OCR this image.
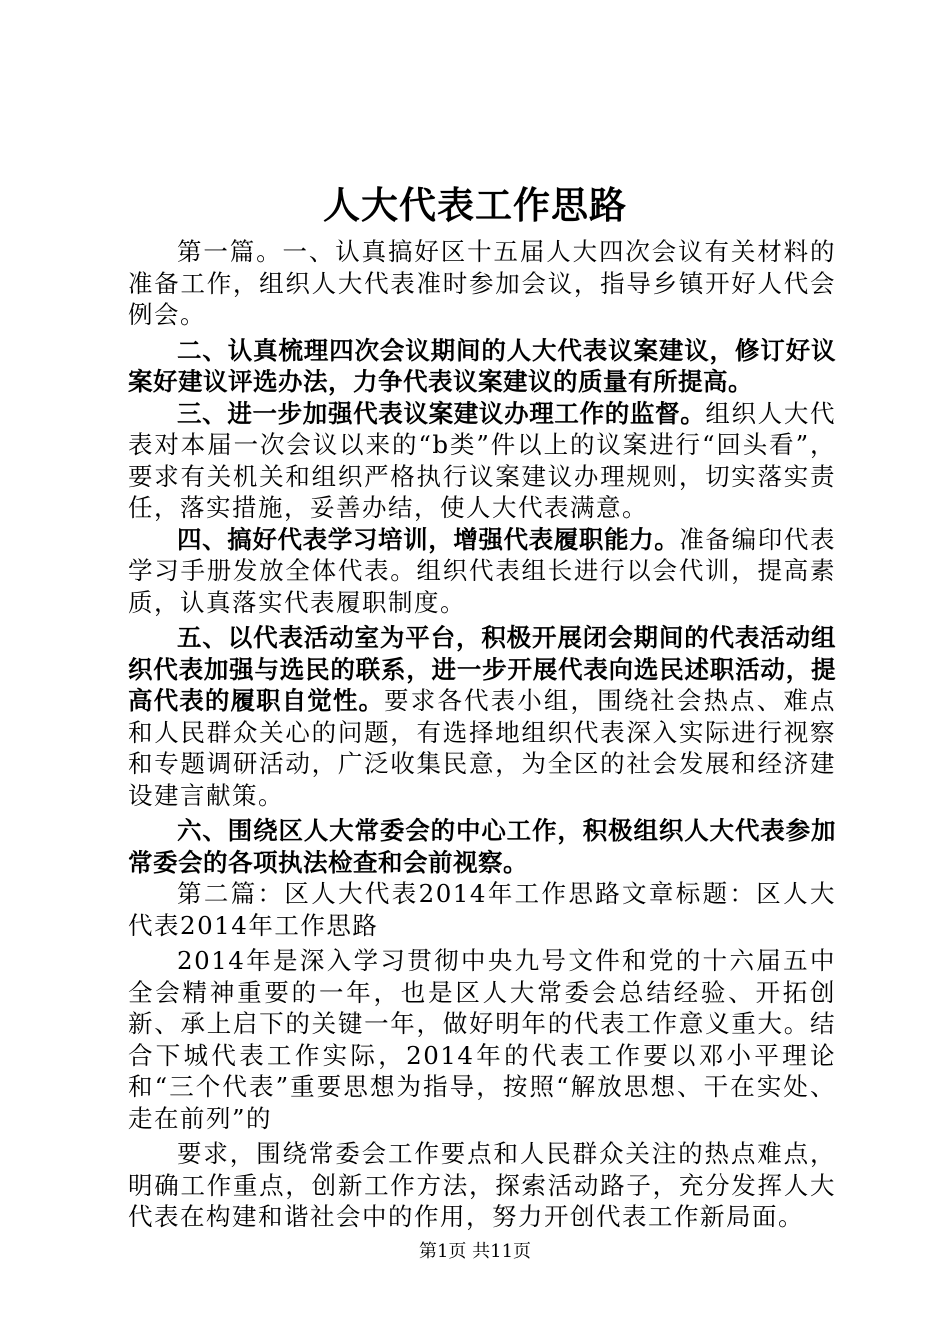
人大代表工作思路

第一篇。一、认真搞好区十五届人大四次会议有关材料的准备工作，组织人大代表准时参加会议，指导乡镇开好人代会例会。

二、认真梳理四次会议期间的人大代表议案建议，修订好议案好建议评选办法，力争代表议案建议的质量有所提高。

三、进一步加强代表议案建议办理工作的监督。组织人大代表对本届一次会议以来的“b类”件以上的议案进行“回头看”，要求有关机关和组织严格执行议案建议办理规则，切实落实责任，落实措施，妥善办结，使人大代表满意。

四、搞好代表学习培训，增强代表履职能力。准备编印代表学习手册发放全体代表。组织代表组长进行以会代训，提高素质，认真落实代表履职制度。

五、以代表活动室为平台，积极开展闭会期间的代表活动组织代表加强与选民的联系，进一步开展代表向选民述职活动，提高代表的履职自觉性。要求各代表小组，围绕社会热点、难点和人民群众关心的问题，有选择地组织代表深入实际进行视察和专题调研活动，广泛收集民意，为全区的社会发展和经济建设建言献策。

六、围绕区人大常委会的中心工作，积极组织人大代表参加常委会的各项执法检查和会前视察。

第二篇：区人大代表2014年工作思路文章标题：区人大代表2014年工作思路

2014年是深入学习贯彻中央九号文件和党的十六届五中全会精神重要的一年，也是区人大常委会总结经验、开拓创新、承上启下的关键一年，做好明年的代表工作意义重大。结合下城代表工作实际，2014年的代表工作要以邓小平理论和“三个代表”重要思想为指导，按照“解放思想、干在实处、走在前列”的

要求，围绕常委会工作要点和人民群众关注的热点难点，明确工作重点，创新工作方法，探索活动路子，充分发挥人大代表在构建和谐社会中的作用，努力开创代表工作新局面。

第1页 共11页
